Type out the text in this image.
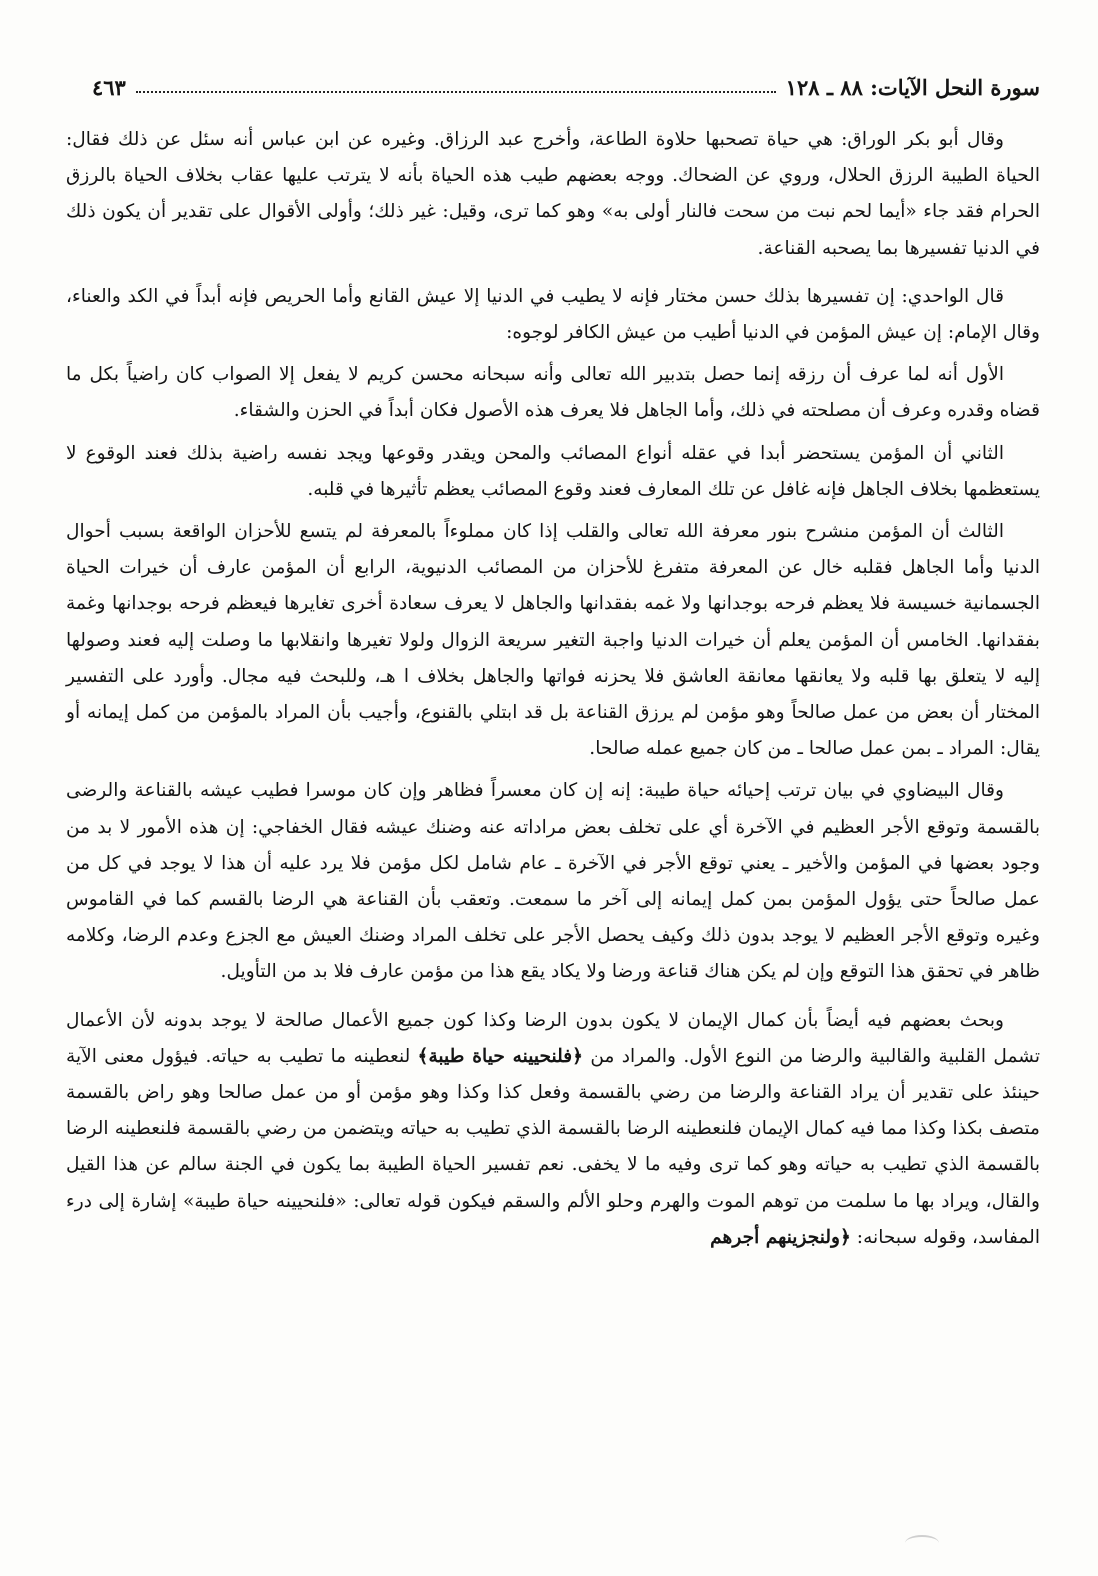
سورة النحل الآيات: ٨٨ ـ ١٢٨
٤٦٣

وقال أبو بكر الوراق: هي حياة تصحبها حلاوة الطاعة، وأخرج عبد الرزاق. وغيره عن ابن عباس أنه سئل عن ذلك فقال: الحياة الطيبة الرزق الحلال، وروي عن الضحاك. ووجه بعضهم طيب هذه الحياة بأنه لا يترتب عليها عقاب بخلاف الحياة بالرزق الحرام فقد جاء «أيما لحم نبت من سحت فالنار أولى به» وهو كما ترى، وقيل: غير ذلك؛ وأولى الأقوال على تقدير أن يكون ذلك في الدنيا تفسيرها بما يصحبه القناعة.

قال الواحدي: إن تفسيرها بذلك حسن مختار فإنه لا يطيب في الدنيا إلا عيش القانع وأما الحريص فإنه أبداً في الكد والعناء، وقال الإمام: إن عيش المؤمن في الدنيا أطيب من عيش الكافر لوجوه:

الأول أنه لما عرف أن رزقه إنما حصل بتدبير الله تعالى وأنه سبحانه محسن كريم لا يفعل إلا الصواب كان راضياً بكل ما قضاه وقدره وعرف أن مصلحته في ذلك، وأما الجاهل فلا يعرف هذه الأصول فكان أبداً في الحزن والشقاء.

الثاني أن المؤمن يستحضر أبدا في عقله أنواع المصائب والمحن ويقدر وقوعها ويجد نفسه راضية بذلك فعند الوقوع لا يستعظمها بخلاف الجاهل فإنه غافل عن تلك المعارف فعند وقوع المصائب يعظم تأثيرها في قلبه.

الثالث أن المؤمن منشرح بنور معرفة الله تعالى والقلب إذا كان مملوءاً بالمعرفة لم يتسع للأحزان الواقعة بسبب أحوال الدنيا وأما الجاهل فقلبه خال عن المعرفة متفرغ للأحزان من المصائب الدنيوية، الرابع أن المؤمن عارف أن خيرات الحياة الجسمانية خسيسة فلا يعظم فرحه بوجدانها ولا غمه بفقدانها والجاهل لا يعرف سعادة أخرى تغايرها فيعظم فرحه بوجدانها وغمة بفقدانها. الخامس أن المؤمن يعلم أن خيرات الدنيا واجبة التغير سريعة الزوال ولولا تغيرها وانقلابها ما وصلت إليه فعند وصولها إليه لا يتعلق بها قلبه ولا يعانقها معانقة العاشق فلا يحزنه فواتها والجاهل بخلاف ا هـ، وللبحث فيه مجال. وأورد على التفسير المختار أن بعض من عمل صالحاً وهو مؤمن لم يرزق القناعة بل قد ابتلي بالقنوع، وأجيب بأن المراد بالمؤمن من كمل إيمانه أو يقال: المراد ـ بمن عمل صالحا ـ من كان جميع عمله صالحا.

وقال البيضاوي في بيان ترتب إحيائه حياة طيبة: إنه إن كان معسراً فظاهر وإن كان موسرا فطيب عيشه بالقناعة والرضى بالقسمة وتوقع الأجر العظيم في الآخرة أي على تخلف بعض مراداته عنه وضنك عيشه فقال الخفاجي: إن هذه الأمور لا بد من وجود بعضها في المؤمن والأخير ـ يعني توقع الأجر في الآخرة ـ عام شامل لكل مؤمن فلا يرد عليه أن هذا لا يوجد في كل من عمل صالحاً حتى يؤول المؤمن بمن كمل إيمانه إلى آخر ما سمعت. وتعقب بأن القناعة هي الرضا بالقسم كما في القاموس وغيره وتوقع الأجر العظيم لا يوجد بدون ذلك وكيف يحصل الأجر على تخلف المراد وضنك العيش مع الجزع وعدم الرضا، وكلامه ظاهر في تحقق هذا التوقع وإن لم يكن هناك قناعة ورضا ولا يكاد يقع هذا من مؤمن عارف فلا بد من التأويل.

وبحث بعضهم فيه أيضاً بأن كمال الإيمان لا يكون بدون الرضا وكذا كون جميع الأعمال صالحة لا يوجد بدونه لأن الأعمال تشمل القلبية والقالبية والرضا من النوع الأول. والمراد من ﴿فلنحيينه حياة طيبة﴾ لنعطينه ما تطيب به حياته. فيؤول معنى الآية حينئذ على تقدير أن يراد القناعة والرضا من رضي بالقسمة وفعل كذا وكذا وهو مؤمن أو من عمل صالحا وهو راض بالقسمة متصف بكذا وكذا مما فيه كمال الإيمان فلنعطينه الرضا بالقسمة الذي تطيب به حياته ويتضمن من رضي بالقسمة فلنعطينه الرضا بالقسمة الذي تطيب به حياته وهو كما ترى وفيه ما لا يخفى. نعم تفسير الحياة الطيبة بما يكون في الجنة سالم عن هذا القيل والقال، ويراد بها ما سلمت من توهم الموت والهرم وحلو الألم والسقم فيكون قوله تعالى: «فلنحيينه حياة طيبة» إشارة إلى درء المفاسد، وقوله سبحانه: ﴿ولنجزينهم أجرهم
